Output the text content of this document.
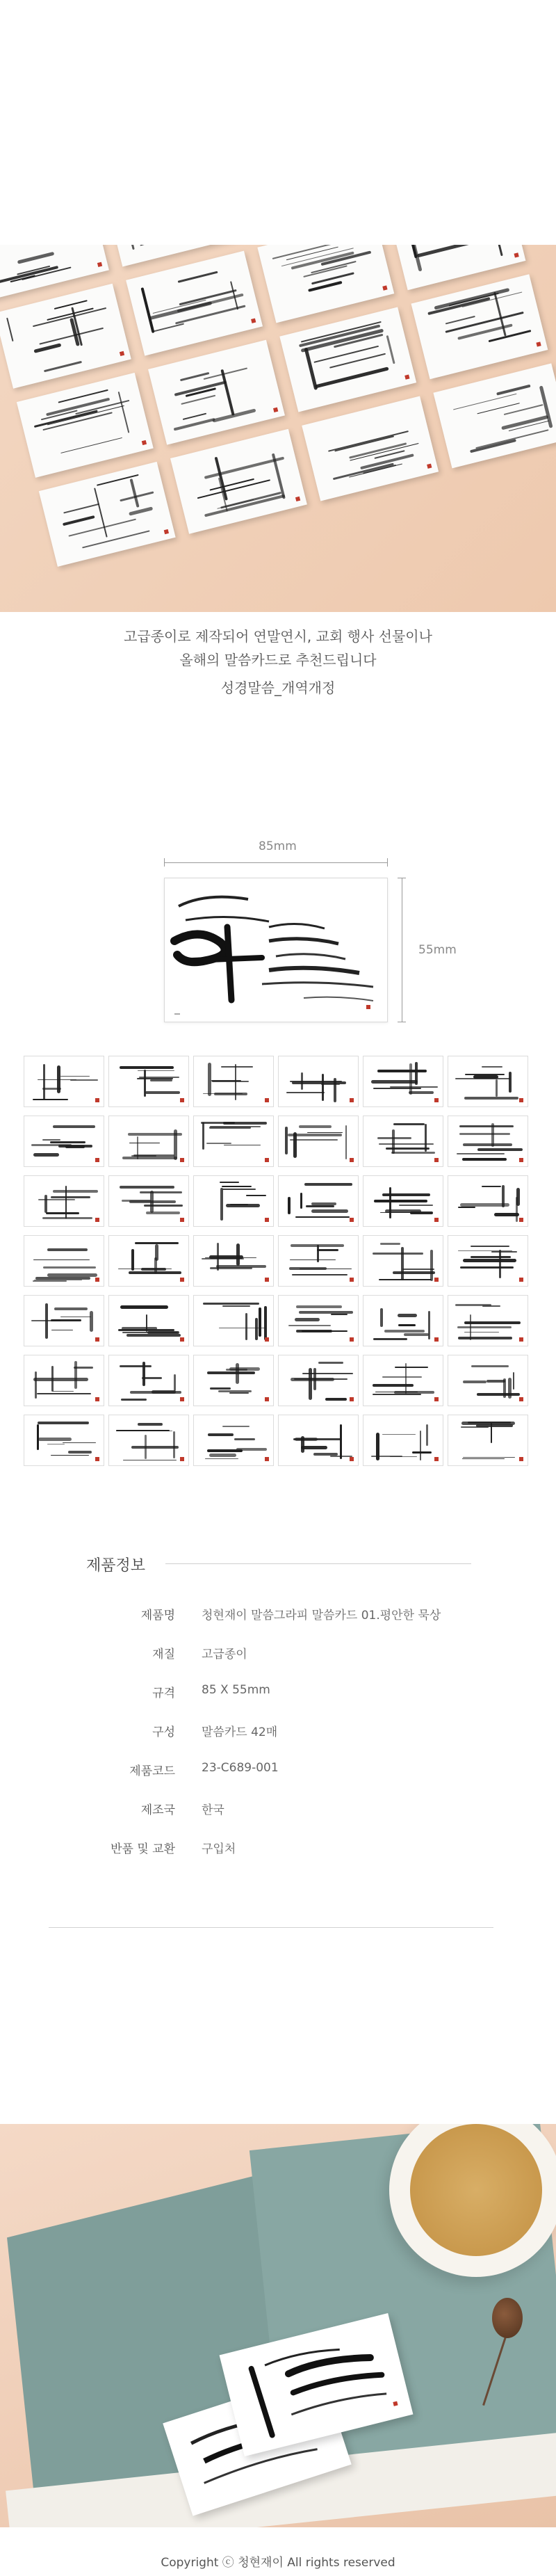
고급종이로 제작되어 연말연시, 교회 행사 선물이나
올해의 말씀카드로 추천드립니다
성경말씀_개역개정
85mm
55mm
제품정보
제품명 청현재이 말씀그라피 말씀카드 01.평안한 묵상
재질 고급종이
규격 85 X 55mm
구성 말씀카드 42매
제품코드 23-C689-001
제조국 한국
반품 및 교환 구입처
Copyright ⓒ 청현재이 All rights reserved
